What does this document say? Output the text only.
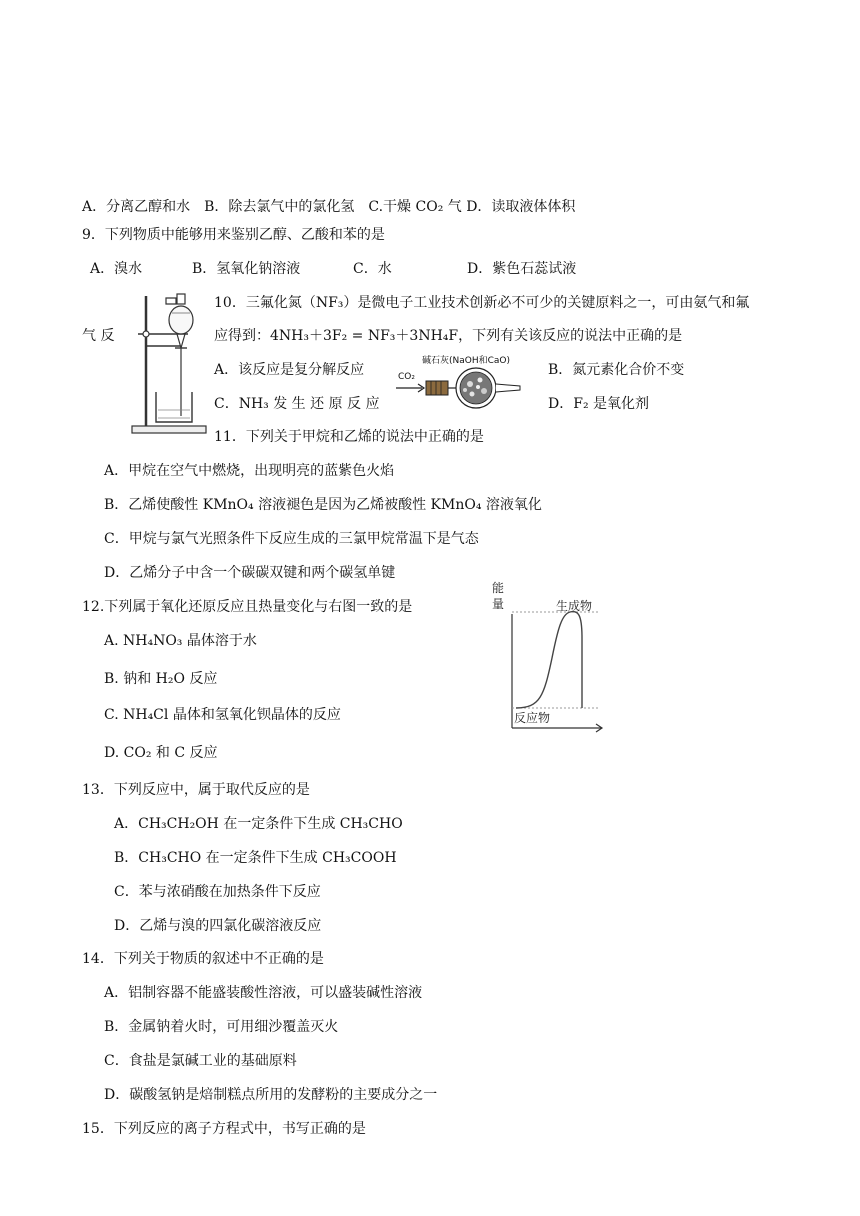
A．分离乙醇和水　B．除去氯气中的氯化氢　C.干燥 CO₂ 气 D．读取液体体积
9．下列物质中能够用来鉴别乙醇、乙酸和苯的是
A．溴水	B．氢氧化钠溶液	C．水	D．紫色石蕊试液
10．三氟化氮（NF₃）是微电子工业技术创新必不可少的关键原料之一，可由氨气和氟
气 反	应得到：4NH₃＋3F₂ = NF₃＋3NH₄F，下列有关该反应的说法中正确的是
A．该反应是复分解反应	B．氮元素化合价不变
C．NH₃ 发 生 还 原 反 应	D．F₂ 是氧化剂
碱石灰(NaOH和CaO)
CO₂
11．下列关于甲烷和乙烯的说法中正确的是
A．甲烷在空气中燃烧，出现明亮的蓝紫色火焰
B．乙烯使酸性 KMnO₄ 溶液褪色是因为乙烯被酸性 KMnO₄ 溶液氧化
C．甲烷与氯气光照条件下反应生成的三氯甲烷常温下是气态
D．乙烯分子中含一个碳碳双键和两个碳氢单键
12.下列属于氧化还原反应且热量变化与右图一致的是
A. NH₄NO₃ 晶体溶于水
B. 钠和 H₂O 反应
C. NH₄Cl 晶体和氢氧化钡晶体的反应
D. CO₂ 和 C 反应
能
量	生成物
反应物
13．下列反应中，属于取代反应的是
A．CH₃CH₂OH 在一定条件下生成 CH₃CHO
B．CH₃CHO 在一定条件下生成 CH₃COOH
C．苯与浓硝酸在加热条件下反应
D．乙烯与溴的四氯化碳溶液反应
14．下列关于物质的叙述中不正确的是
A．铝制容器不能盛装酸性溶液，可以盛装碱性溶液
B．金属钠着火时，可用细沙覆盖灭火
C．食盐是氯碱工业的基础原料
D．碳酸氢钠是焙制糕点所用的发酵粉的主要成分之一
15．下列反应的离子方程式中，书写正确的是
